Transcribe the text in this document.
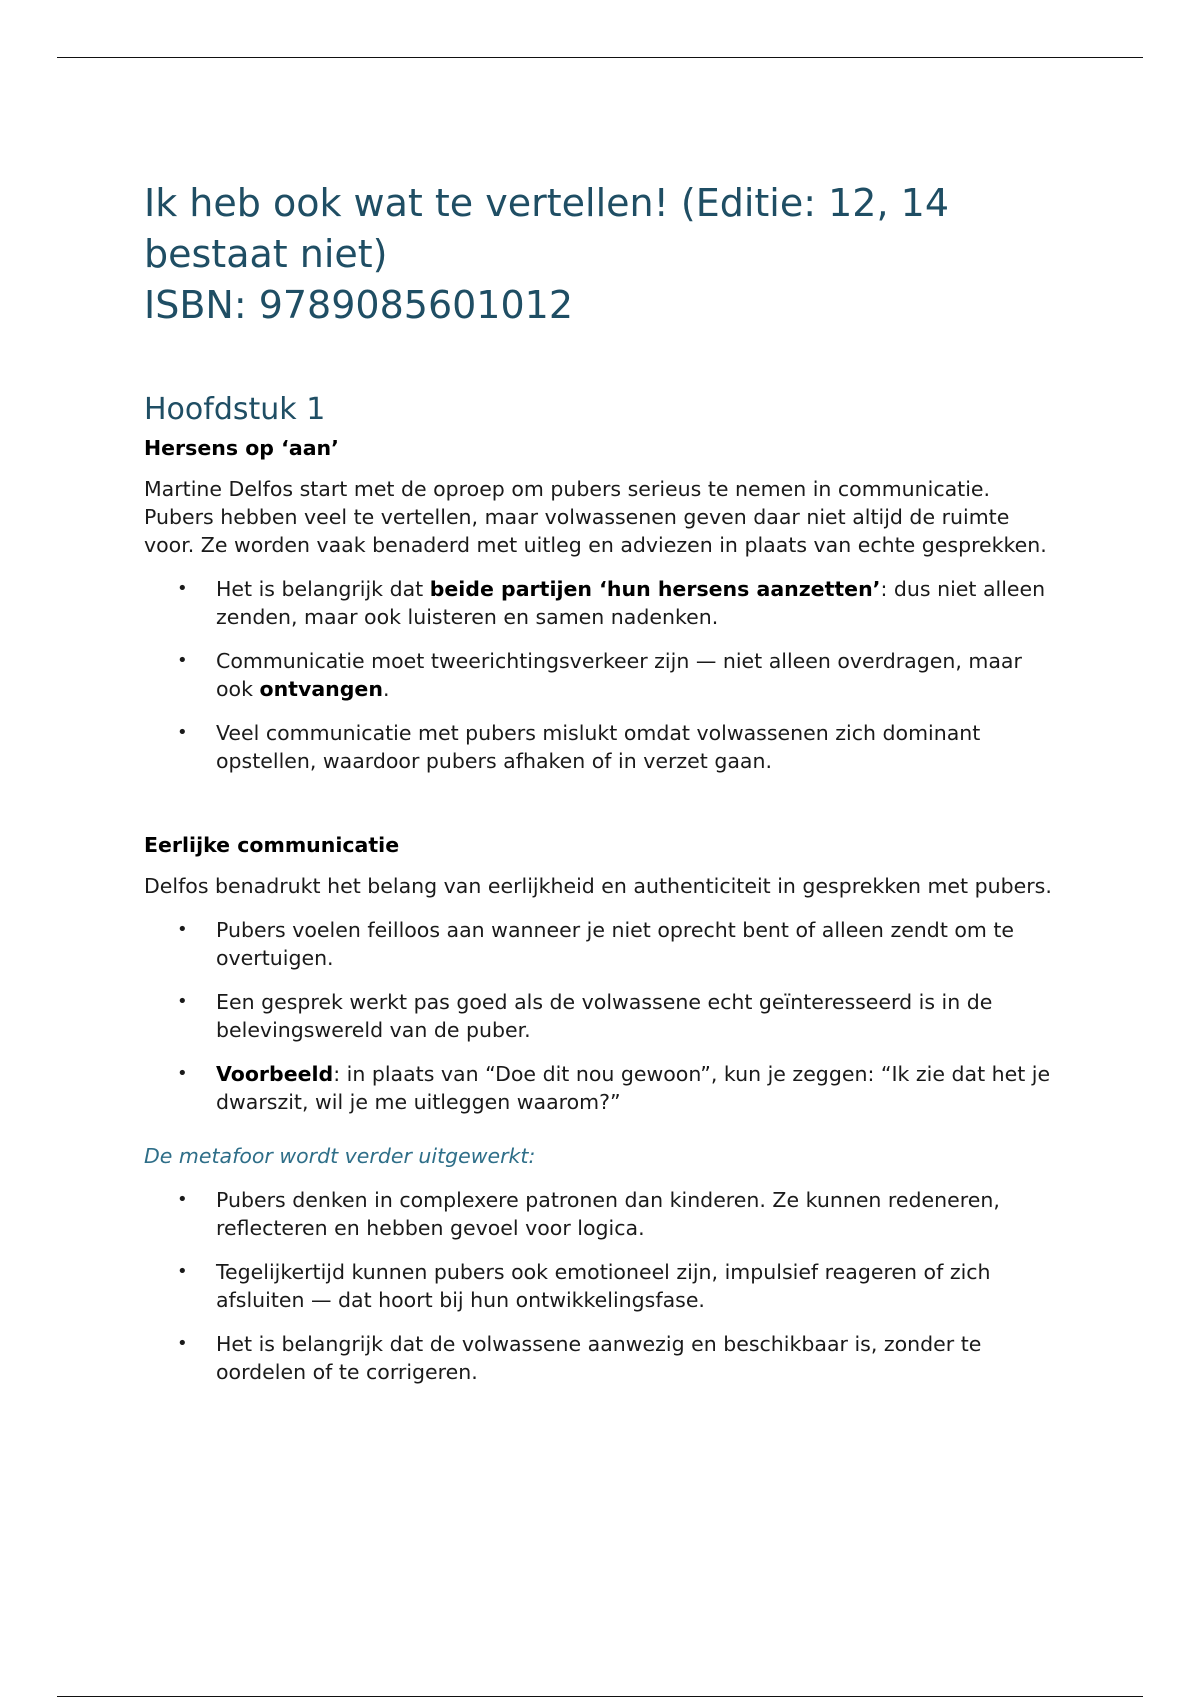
Ik heb ook wat te vertellen! (Editie: 12, 14
bestaat niet)
ISBN: 9789085601012
Hoofdstuk 1
Hersens op ‘aan’

Martine Delfos start met de oproep om pubers serieus te nemen in communicatie. Pubers hebben veel te vertellen, maar volwassenen geven daar niet altijd de ruimte voor. Ze worden vaak benaderd met uitleg en adviezen in plaats van echte gesprekken.

• Het is belangrijk dat beide partijen ‘hun hersens aanzetten’: dus niet alleen zenden, maar ook luisteren en samen nadenken.
• Communicatie moet tweerichtingsverkeer zijn — niet alleen overdragen, maar ook ontvangen.
• Veel communicatie met pubers mislukt omdat volwassenen zich dominant opstellen, waardoor pubers afhaken of in verzet gaan.
Eerlijke communicatie

Delfos benadrukt het belang van eerlijkheid en authenticiteit in gesprekken met pubers.

• Pubers voelen feilloos aan wanneer je niet oprecht bent of alleen zendt om te overtuigen.
• Een gesprek werkt pas goed als de volwassene echt geïnteresseerd is in de belevingswereld van de puber.
• Voorbeeld: in plaats van “Doe dit nou gewoon”, kun je zeggen: “Ik zie dat het je dwarszit, wil je me uitleggen waarom?”

De metafoor wordt verder uitgewerkt:

• Pubers denken in complexere patronen dan kinderen. Ze kunnen redeneren, reflecteren en hebben gevoel voor logica.
• Tegelijkertijd kunnen pubers ook emotioneel zijn, impulsief reageren of zich afsluiten — dat hoort bij hun ontwikkelingsfase.
• Het is belangrijk dat de volwassene aanwezig en beschikbaar is, zonder te oordelen of te corrigeren.
